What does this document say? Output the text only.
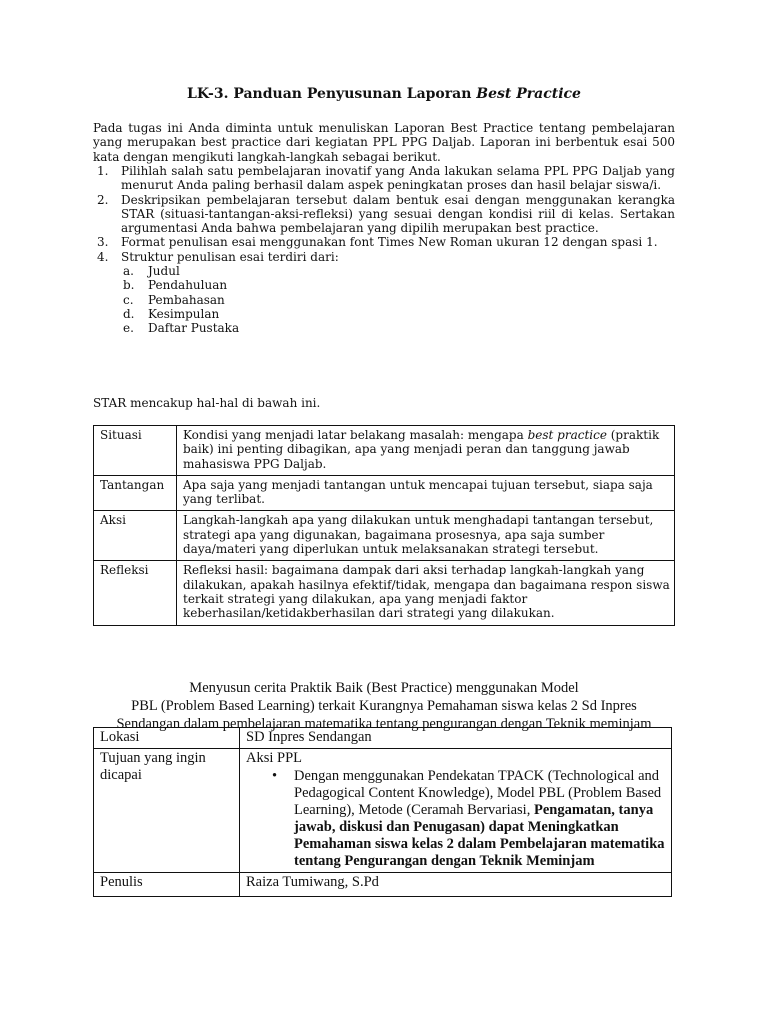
LK-3. Panduan Penyusunan Laporan Best Practice

Pada tugas ini Anda diminta untuk menuliskan Laporan Best Practice tentang pembelajaran yang merupakan best practice dari kegiatan PPL PPG Daljab. Laporan ini berbentuk esai 500 kata dengan mengikuti langkah-langkah sebagai berikut.

1. Pilihlah salah satu pembelajaran inovatif yang Anda lakukan selama PPL PPG Daljab yang menurut Anda paling berhasil dalam aspek peningkatan proses dan hasil belajar siswa/i.
2. Deskripsikan pembelajaran tersebut dalam bentuk esai dengan menggunakan kerangka STAR (situasi-tantangan-aksi-refleksi) yang sesuai dengan kondisi riil di kelas. Sertakan argumentasi Anda bahwa pembelajaran yang dipilih merupakan best practice.
3. Format penulisan esai menggunakan font Times New Roman ukuran 12 dengan spasi 1.
4. Struktur penulisan esai terdiri dari:
a. Judul
b. Pendahuluan
c. Pembahasan
d. Kesimpulan
e. Daftar Pustaka
STAR mencakup hal-hal di bawah ini.
Situasi	Kondisi yang menjadi latar belakang masalah: mengapa best practice (praktik baik) ini penting dibagikan, apa yang menjadi peran dan tanggung jawab mahasiswa PPG Daljab.
Tantangan	Apa saja yang menjadi tantangan untuk mencapai tujuan tersebut, siapa saja yang terlibat.
Aksi	Langkah-langkah apa yang dilakukan untuk menghadapi tantangan tersebut, strategi apa yang digunakan, bagaimana prosesnya, apa saja sumber daya/materi yang diperlukan untuk melaksanakan strategi tersebut.
Refleksi	Refleksi hasil: bagaimana dampak dari aksi terhadap langkah-langkah yang dilakukan, apakah hasilnya efektif/tidak, mengapa dan bagaimana respon siswa terkait strategi yang dilakukan, apa yang menjadi faktor keberhasilan/ketidakberhasilan dari strategi yang dilakukan.
Menyusun cerita Praktik Baik (Best Practice) menggunakan Model
PBL (Problem Based Learning) terkait Kurangnya Pemahaman siswa kelas 2 Sd Inpres
Sendangan dalam pembelajaran matematika tentang pengurangan dengan Teknik meminjam
Lokasi	SD Inpres Sendangan
Tujuan yang ingin dicapai	Aksi PPL
• Dengan menggunakan Pendekatan TPACK (Technological and Pedagogical Content Knowledge), Model PBL (Problem Based Learning), Metode (Ceramah Bervariasi, Pengamatan, tanya jawab, diskusi dan Penugasan) dapat Meningkatkan Pemahaman siswa kelas 2 dalam Pembelajaran matematika tentang Pengurangan dengan Teknik Meminjam

Penulis	Raiza Tumiwang, S.Pd
